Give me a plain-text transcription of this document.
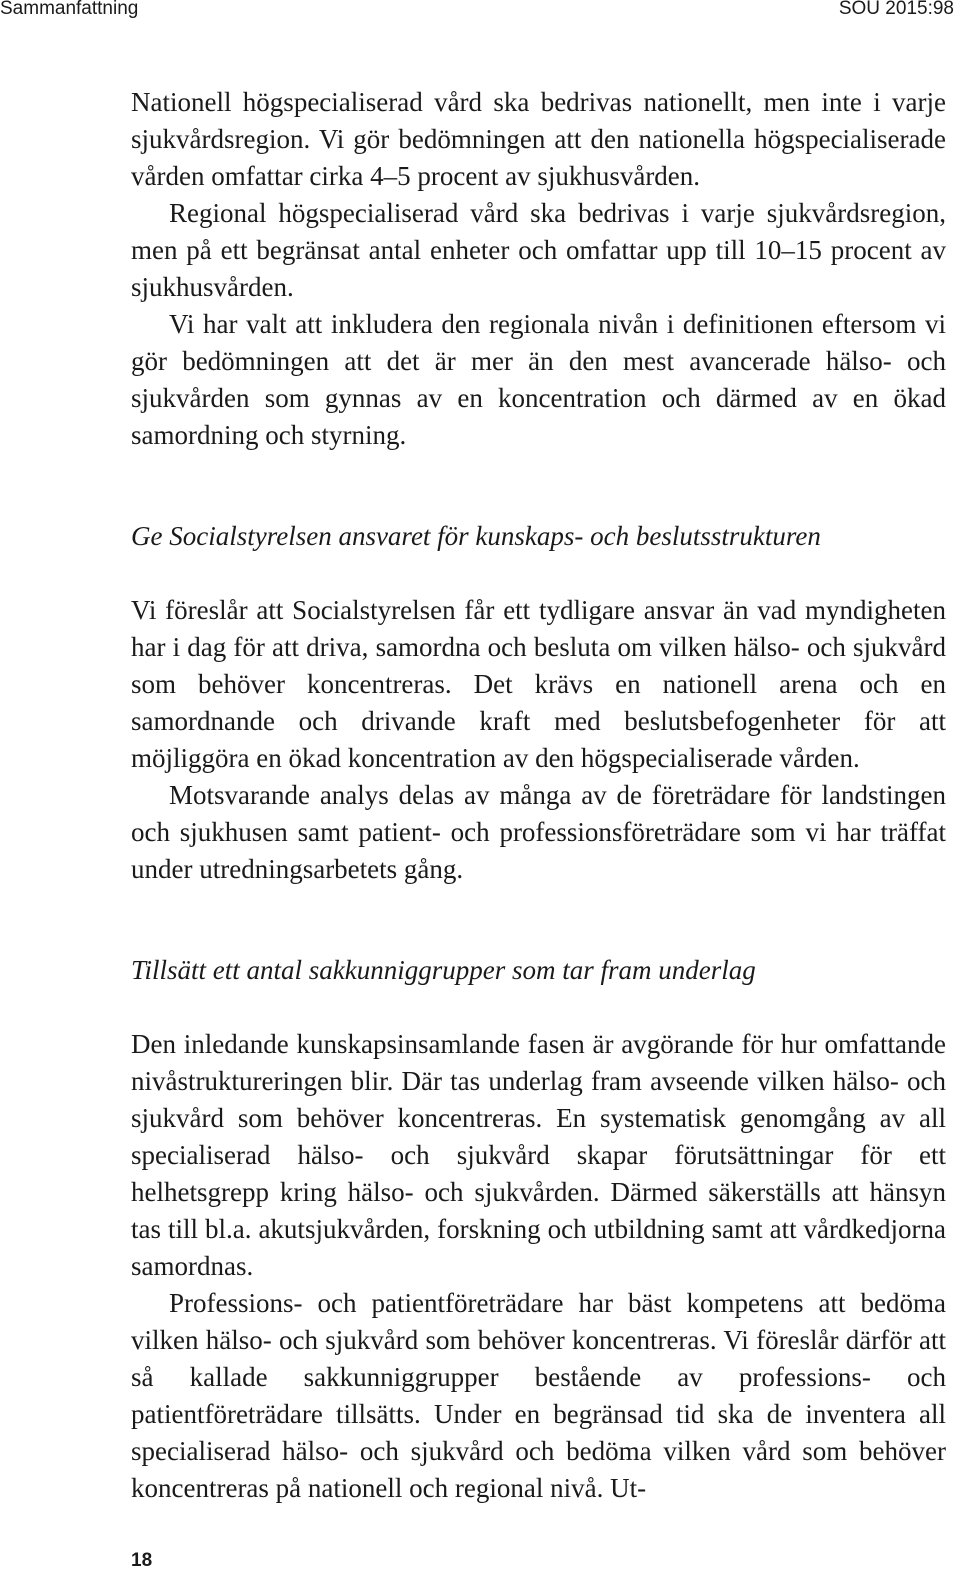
Sammanfattning	SOU 2015:98

Nationell högspecialiserad vård ska bedrivas nationellt, men inte i varje sjukvårdsregion. Vi gör bedömningen att den nationella högspecialiserade vården omfattar cirka 4–5 procent av sjukhusvården.

Regional högspecialiserad vård ska bedrivas i varje sjukvårdsregion, men på ett begränsat antal enheter och omfattar upp till 10–15 procent av sjukhusvården.

Vi har valt att inkludera den regionala nivån i definitionen eftersom vi gör bedömningen att det är mer än den mest avancerade hälso- och sjukvården som gynnas av en koncentration och därmed av en ökad samordning och styrning.

Ge Socialstyrelsen ansvaret för kunskaps- och beslutsstrukturen

Vi föreslår att Socialstyrelsen får ett tydligare ansvar än vad myndigheten har i dag för att driva, samordna och besluta om vilken hälso- och sjukvård som behöver koncentreras. Det krävs en nationell arena och en samordnande och drivande kraft med beslutsbefogenheter för att möjliggöra en ökad koncentration av den högspecialiserade vården.

Motsvarande analys delas av många av de företrädare för landstingen och sjukhusen samt patient- och professionsföreträdare som vi har träffat under utredningsarbetets gång.

Tillsätt ett antal sakkunniggrupper som tar fram underlag

Den inledande kunskapsinsamlande fasen är avgörande för hur omfattande nivåstruktureringen blir. Där tas underlag fram avseende vilken hälso- och sjukvård som behöver koncentreras. En systematisk genomgång av all specialiserad hälso- och sjukvård skapar förutsättningar för ett helhetsgrepp kring hälso- och sjukvården. Därmed säkerställs att hänsyn tas till bl.a. akutsjukvården, forskning och utbildning samt att vårdkedjorna samordnas.

Professions- och patientföreträdare har bäst kompetens att bedöma vilken hälso- och sjukvård som behöver koncentreras. Vi föreslår därför att så kallade sakkunniggrupper bestående av professions- och patientföreträdare tillsätts. Under en begränsad tid ska de inventera all specialiserad hälso- och sjukvård och bedöma vilken vård som behöver koncentreras på nationell och regional nivå. Ut-

18
